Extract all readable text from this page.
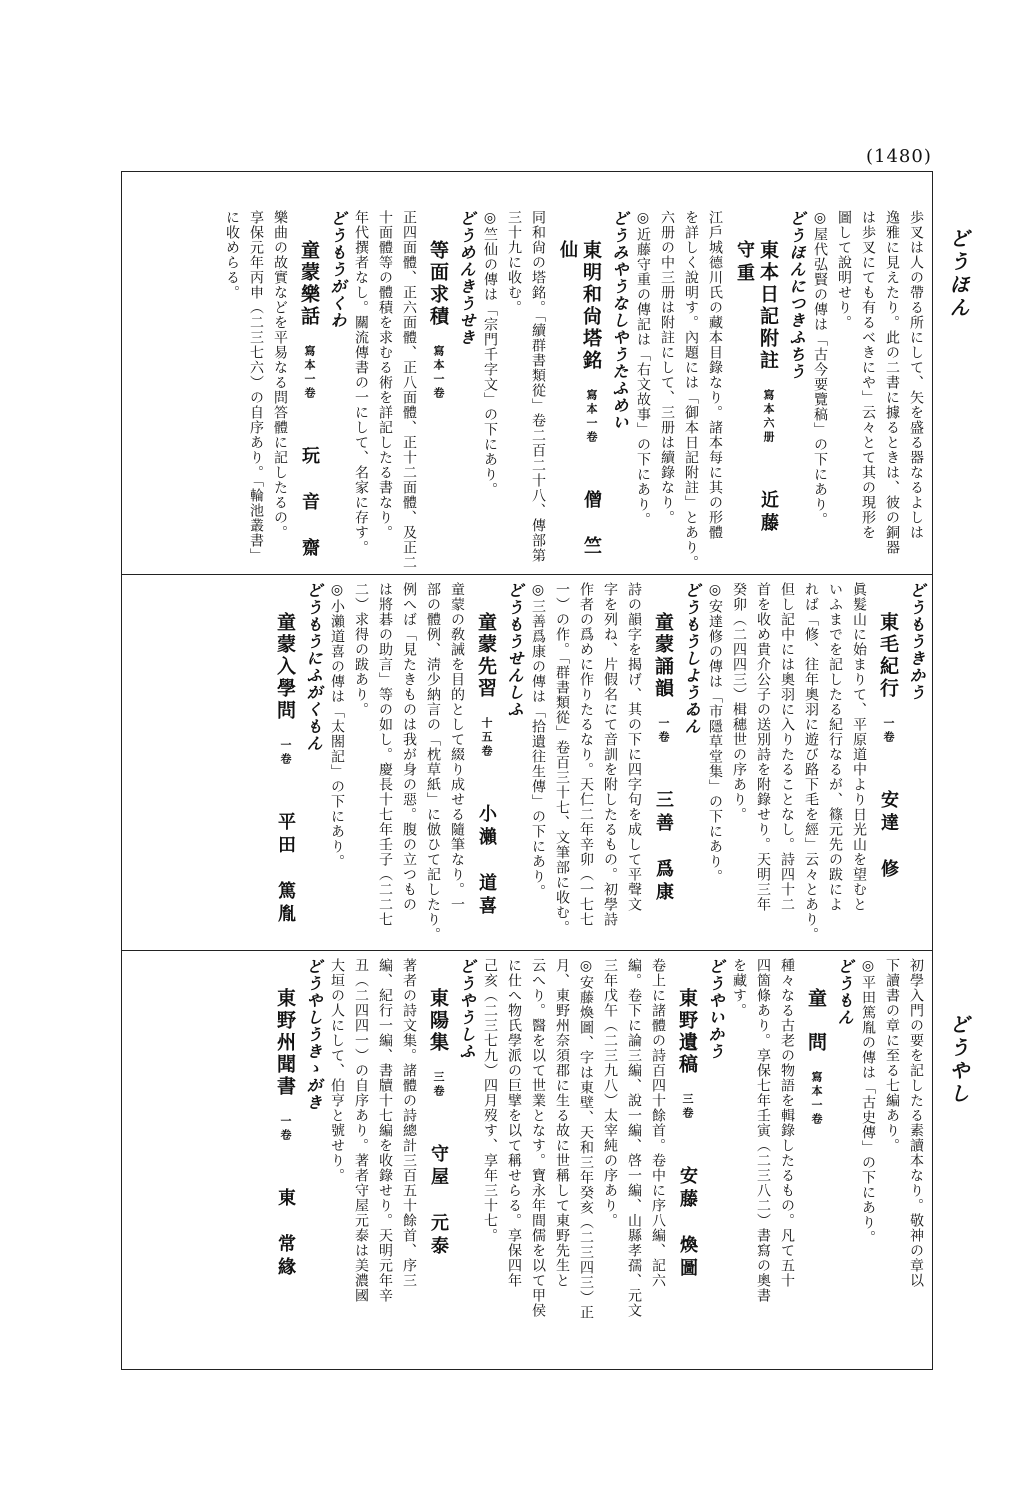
(1480)
どうほん
どうやし
歩叉は人の帶る所にして、矢を盛る器なるよしは
逸雅に見えたり。此の二書に據るときは、彼の銅器
は歩叉にても有るべきにや」云々とて其の現形を
圖して說明せり。
◎屋代弘賢の傳は「古今要覽稿」の下にあり。
どうほんにつきふちう
東本日記附註寫本六册近藤　守重
江戶城德川氏の藏本目錄なり。諸本每に其の形體
を詳しく說明す。內題には「御本日記附註」とあり。
六册の中三册は附註にして、三册は續錄なり。
◎近藤守重の傳記は「右文故事」の下にあり。
どうみやうなしやうたふめい
東明和尙塔銘寫本一卷僧　竺仙
同和尙の塔銘。「續群書類從」卷二百二十八、傳部第
三十九に收む。
◎竺仙の傳は「宗門千字文」の下にあり。
どうめんきうせき
等面求積寫本一卷
正四面體、正六面體、正八面體、正十二面體、及正二
十面體等の體積を求むる術を詳記したる書なり。
年代撰者なし。關流傳書の一にして、名家に存す。
どうもうがくわ
童蒙樂話寫本一卷玩　音　齋
樂曲の故實などを平易なる問答體に記したるの。
享保元年丙申（二三七六）の自序あり。「輪池叢書」
に收めらる。
どうもうきかう
東毛紀行一卷安達　修
眞髮山に始まりて、平原道中より日光山を望むと
いふまでを記したる紀行なるが、篠元先の跋によ
れば「修、往年奧羽に遊び路下毛を經」云々とあり。
但し記中には奧羽に入りたることなし。詩四十二
首を收め貴介公子の送別詩を附錄せり。天明三年
癸卯（二四四三）楫穗世の序あり。
◎安達修の傳は「市隱草堂集」の下にあり。
どうもうしようゐん
童蒙誦韻一卷三善　爲康
詩の韻字を揭げ、其の下に四字句を成して平聲文
字を列ね、片假名にて音訓を附したるもの。初學詩
作者の爲めに作りたるなり。天仁二年辛卯（一七七
一）の作。「群書類從」卷百三十七、文筆部に收む。
◎三善爲康の傳は「拾遺往生傳」の下にあり。
どうもうせんしふ
童蒙先習十五卷小瀨　道喜
童蒙の敎誡を目的として綴り成せる隨筆なり。一
部の體例、淸少納言の「枕草紙」に倣ひて記したり。
例へば「見たきものは我が身の惡。腹の立つもの
は將碁の助言」等の如し。慶長十七年壬子（二二七
二）求得の跋あり。
◎小瀨道喜の傳は「太閤記」の下にあり。
どうもうにふがくもん
童蒙入學問一卷平田　篤胤
初學入門の要を記したる素讀本なり。敬神の章以
下讀書の章に至る七編あり。
◎平田篤胤の傳は「古史傳」の下にあり。
どうもん
童　問寫本一卷
種々なる古老の物語を輯錄したるもの。凡て五十
四箇條あり。享保七年壬寅（二三八二）書寫の奧書
を藏す。
どうやいかう
東野遺稿三卷安藤　煥圖
卷上に諸體の詩百四十餘首。卷中に序八編、記六
編。卷下に論三編、說一編、啓一編、山縣孝孺、元文
三年戊午（二三九八）太宰純の序あり。
◎安藤煥圖、字は東壁、天和三年癸亥（二三四三）正
月、東野州奈須郡に生る故に世稱して東野先生と
云へり。醫を以て世業となす。寶永年間儒を以て甲侯
に仕へ物氏學派の巨擘を以て稱せらる。享保四年
己亥（二三七九）四月歿す、享年三十七。
どうやうしふ
東陽集三卷守屋　元泰
著者の詩文集。諸體の詩總計三百五十餘首、序三
編、紀行一編、書牘十七編を收錄せり。天明元年辛
丑（二四四一）の自序あり。著者守屋元泰は美濃國
大垣の人にして、伯亨と號せり。
どうやしうきゝがき
東野州聞書一卷東　常緣
